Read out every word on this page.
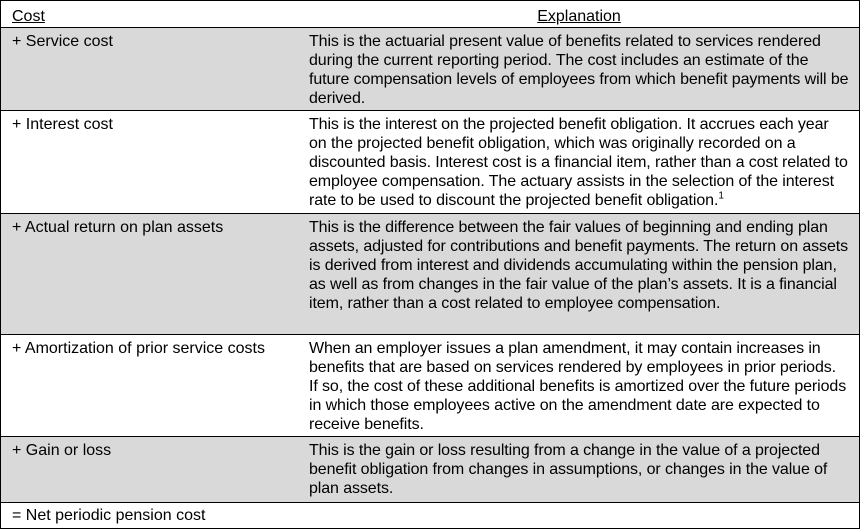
Cost	Explanation
+ Service cost	This is the actuarial present value of benefits related to services rendered during the current reporting period. The cost includes an estimate of the future compensation levels of employees from which benefit payments will be derived.
+ Interest cost	This is the interest on the projected benefit obligation. It accrues each year on the projected benefit obligation, which was originally recorded on a discounted basis. Interest cost is a financial item, rather than a cost related to employee compensation. The actuary assists in the selection of the interest rate to be used to discount the projected benefit obligation.$^1$
+ Actual return on plan assets	This is the difference between the fair values of beginning and ending plan assets, adjusted for contributions and benefit payments. The return on assets is derived from interest and dividends accumulating within the pension plan, as well as from changes in the fair value of the plan’s assets. It is a financial item, rather than a cost related to employee compensation.
+ Amortization of prior service costs	When an employer issues a plan amendment, it may contain increases in benefits that are based on services rendered by employees in prior periods. If so, the cost of these additional benefits is amortized over the future periods in which those employees active on the amendment date are expected to receive benefits.
+ Gain or loss	This is the gain or loss resulting from a change in the value of a projected benefit obligation from changes in assumptions, or changes in the value of plan assets.
= Net periodic pension cost
